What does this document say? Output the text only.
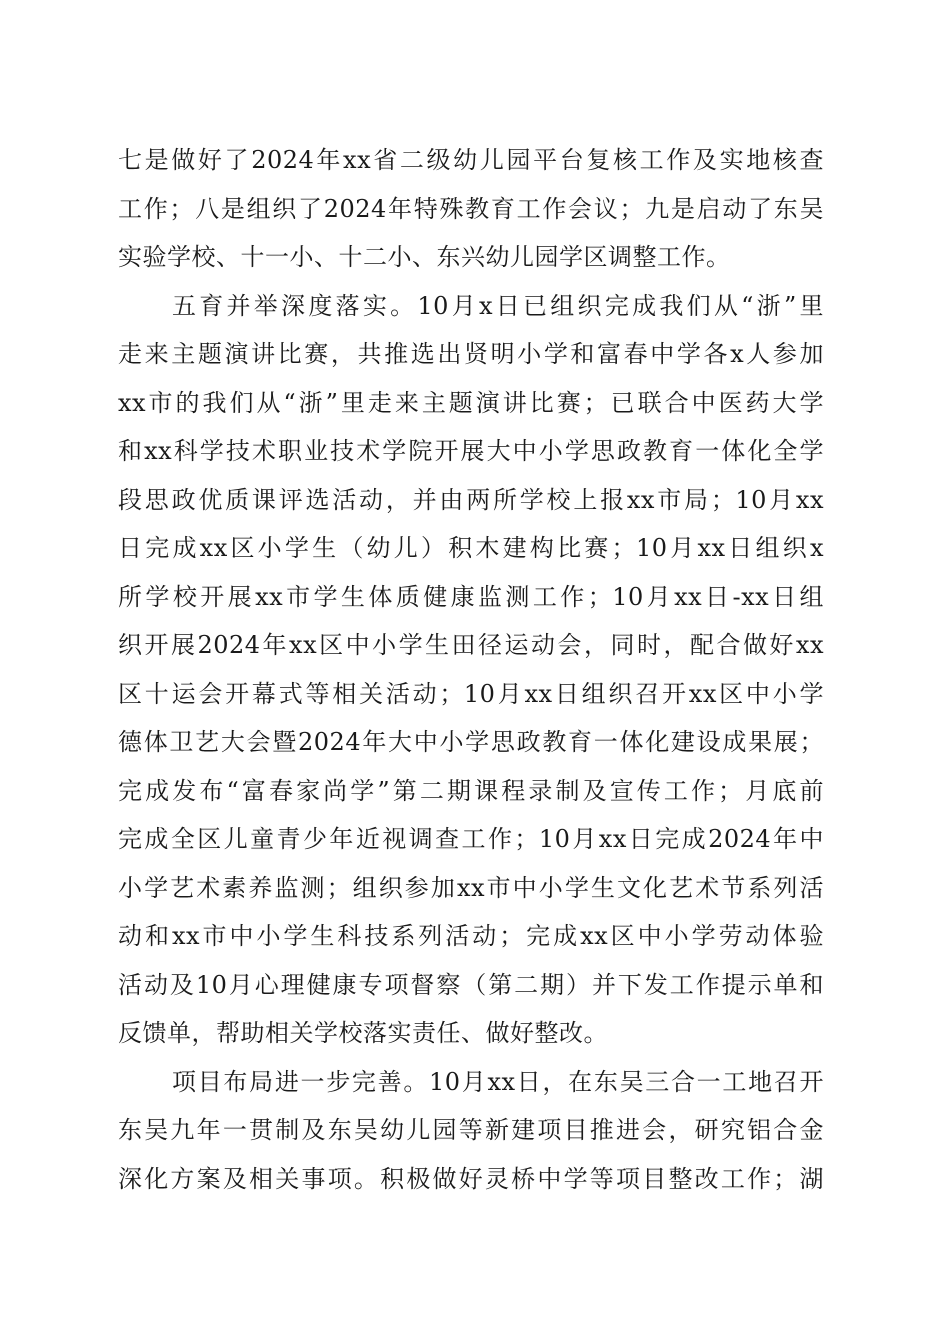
七是做好了2024年xx省二级幼儿园平台复核工作及实地核查
工作；八是组织了2024年特殊教育工作会议；九是启动了东吴
实验学校、十一小、十二小、东兴幼儿园学区调整工作。
五育并举深度落实。10月x日已组织完成我们从“浙”里
走来主题演讲比赛，共推选出贤明小学和富春中学各x人参加
xx市的我们从“浙”里走来主题演讲比赛；已联合中医药大学
和xx科学技术职业技术学院开展大中小学思政教育一体化全学
段思政优质课评选活动，并由两所学校上报xx市局；10月xx
日完成xx区小学生（幼儿）积木建构比赛；10月xx日组织x
所学校开展xx市学生体质健康监测工作；10月xx日-xx日组
织开展2024年xx区中小学生田径运动会，同时，配合做好xx
区十运会开幕式等相关活动；10月xx日组织召开xx区中小学
德体卫艺大会暨2024年大中小学思政教育一体化建设成果展；
完成发布“富春家尚学”第二期课程录制及宣传工作；月底前
完成全区儿童青少年近视调查工作；10月xx日完成2024年中
小学艺术素养监测；组织参加xx市中小学生文化艺术节系列活
动和xx市中小学生科技系列活动；完成xx区中小学劳动体验
活动及10月心理健康专项督察（第二期）并下发工作提示单和
反馈单，帮助相关学校落实责任、做好整改。
项目布局进一步完善。10月xx日，在东吴三合一工地召开
东吴九年一贯制及东吴幼儿园等新建项目推进会，研究铝合金
深化方案及相关事项。积极做好灵桥中学等项目整改工作；湖
